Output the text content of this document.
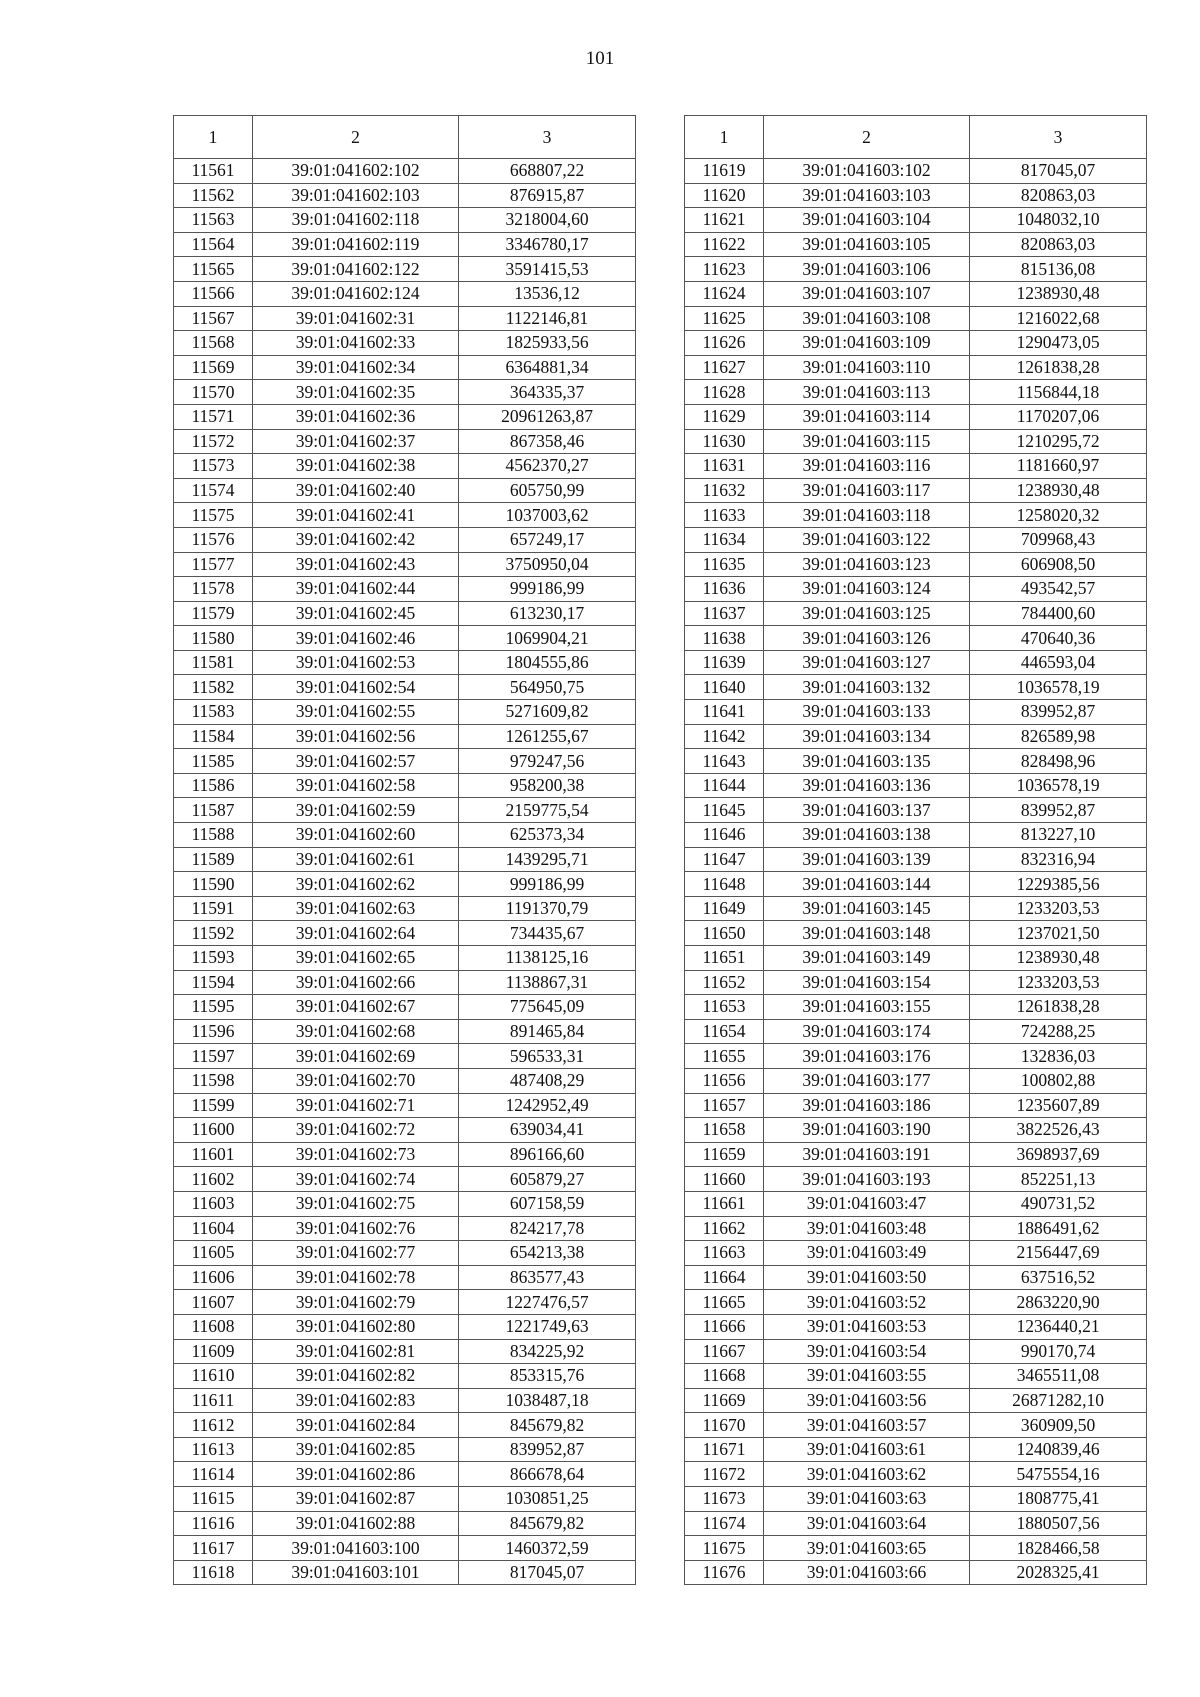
101
1	2	3
11561	39:01:041602:102	668807,22
11562	39:01:041602:103	876915,87
11563	39:01:041602:118	3218004,60
11564	39:01:041602:119	3346780,17
11565	39:01:041602:122	3591415,53
11566	39:01:041602:124	13536,12
11567	39:01:041602:31	1122146,81
11568	39:01:041602:33	1825933,56
11569	39:01:041602:34	6364881,34
11570	39:01:041602:35	364335,37
11571	39:01:041602:36	20961263,87
11572	39:01:041602:37	867358,46
11573	39:01:041602:38	4562370,27
11574	39:01:041602:40	605750,99
11575	39:01:041602:41	1037003,62
11576	39:01:041602:42	657249,17
11577	39:01:041602:43	3750950,04
11578	39:01:041602:44	999186,99
11579	39:01:041602:45	613230,17
11580	39:01:041602:46	1069904,21
11581	39:01:041602:53	1804555,86
11582	39:01:041602:54	564950,75
11583	39:01:041602:55	5271609,82
11584	39:01:041602:56	1261255,67
11585	39:01:041602:57	979247,56
11586	39:01:041602:58	958200,38
11587	39:01:041602:59	2159775,54
11588	39:01:041602:60	625373,34
11589	39:01:041602:61	1439295,71
11590	39:01:041602:62	999186,99
11591	39:01:041602:63	1191370,79
11592	39:01:041602:64	734435,67
11593	39:01:041602:65	1138125,16
11594	39:01:041602:66	1138867,31
11595	39:01:041602:67	775645,09
11596	39:01:041602:68	891465,84
11597	39:01:041602:69	596533,31
11598	39:01:041602:70	487408,29
11599	39:01:041602:71	1242952,49
11600	39:01:041602:72	639034,41
11601	39:01:041602:73	896166,60
11602	39:01:041602:74	605879,27
11603	39:01:041602:75	607158,59
11604	39:01:041602:76	824217,78
11605	39:01:041602:77	654213,38
11606	39:01:041602:78	863577,43
11607	39:01:041602:79	1227476,57
11608	39:01:041602:80	1221749,63
11609	39:01:041602:81	834225,92
11610	39:01:041602:82	853315,76
11611	39:01:041602:83	1038487,18
11612	39:01:041602:84	845679,82
11613	39:01:041602:85	839952,87
11614	39:01:041602:86	866678,64
11615	39:01:041602:87	1030851,25
11616	39:01:041602:88	845679,82
11617	39:01:041603:100	1460372,59
11618	39:01:041603:101	817045,07
1	2	3
11619	39:01:041603:102	817045,07
11620	39:01:041603:103	820863,03
11621	39:01:041603:104	1048032,10
11622	39:01:041603:105	820863,03
11623	39:01:041603:106	815136,08
11624	39:01:041603:107	1238930,48
11625	39:01:041603:108	1216022,68
11626	39:01:041603:109	1290473,05
11627	39:01:041603:110	1261838,28
11628	39:01:041603:113	1156844,18
11629	39:01:041603:114	1170207,06
11630	39:01:041603:115	1210295,72
11631	39:01:041603:116	1181660,97
11632	39:01:041603:117	1238930,48
11633	39:01:041603:118	1258020,32
11634	39:01:041603:122	709968,43
11635	39:01:041603:123	606908,50
11636	39:01:041603:124	493542,57
11637	39:01:041603:125	784400,60
11638	39:01:041603:126	470640,36
11639	39:01:041603:127	446593,04
11640	39:01:041603:132	1036578,19
11641	39:01:041603:133	839952,87
11642	39:01:041603:134	826589,98
11643	39:01:041603:135	828498,96
11644	39:01:041603:136	1036578,19
11645	39:01:041603:137	839952,87
11646	39:01:041603:138	813227,10
11647	39:01:041603:139	832316,94
11648	39:01:041603:144	1229385,56
11649	39:01:041603:145	1233203,53
11650	39:01:041603:148	1237021,50
11651	39:01:041603:149	1238930,48
11652	39:01:041603:154	1233203,53
11653	39:01:041603:155	1261838,28
11654	39:01:041603:174	724288,25
11655	39:01:041603:176	132836,03
11656	39:01:041603:177	100802,88
11657	39:01:041603:186	1235607,89
11658	39:01:041603:190	3822526,43
11659	39:01:041603:191	3698937,69
11660	39:01:041603:193	852251,13
11661	39:01:041603:47	490731,52
11662	39:01:041603:48	1886491,62
11663	39:01:041603:49	2156447,69
11664	39:01:041603:50	637516,52
11665	39:01:041603:52	2863220,90
11666	39:01:041603:53	1236440,21
11667	39:01:041603:54	990170,74
11668	39:01:041603:55	3465511,08
11669	39:01:041603:56	26871282,10
11670	39:01:041603:57	360909,50
11671	39:01:041603:61	1240839,46
11672	39:01:041603:62	5475554,16
11673	39:01:041603:63	1808775,41
11674	39:01:041603:64	1880507,56
11675	39:01:041603:65	1828466,58
11676	39:01:041603:66	2028325,41
